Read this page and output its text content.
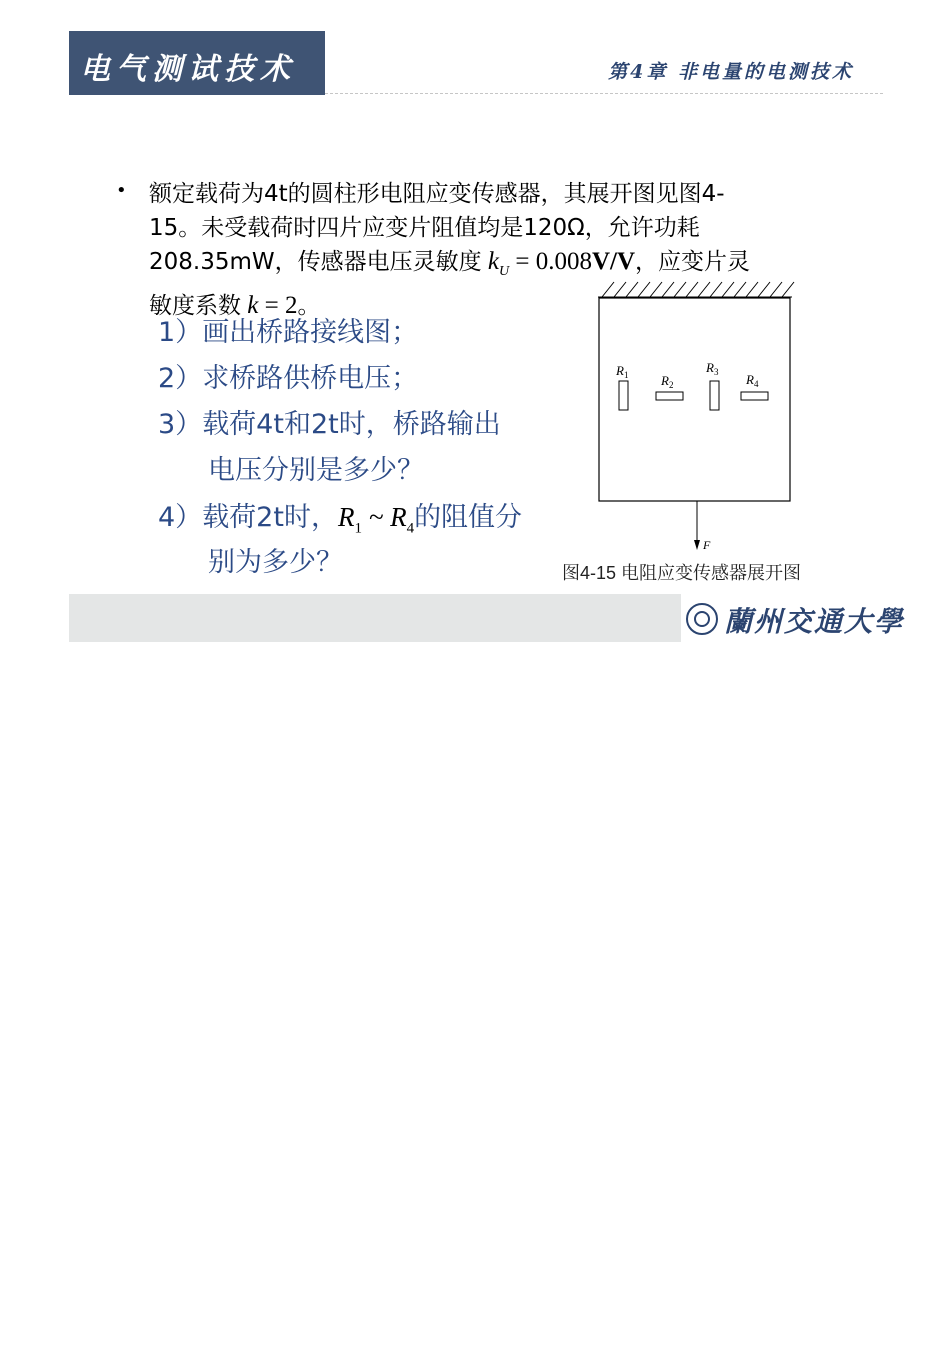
电气测试技术	第4章 非电量的电测技术
• 额定载荷为4t的圆柱形电阻应变传感器，其展开图见图4-
15。未受载荷时四片应变片阻值均是120Ω，允许功耗
208.35mW，传感器电压灵敏度 $k_U = 0.008V/V$，应变片灵
敏度系数 k = 2。
1）画出桥路接线图；
2）求桥路供桥电压；
3）载荷4t和2t时，桥路输出
电压分别是多少？
4）载荷2t时，$R_1$ ~ $R_4$的阻值分
别为多少？
$R_1$	$R_2$
$R_3$ $R_4$
F
图4-15 电阻应变传感器展开图
蘭州交通大學
